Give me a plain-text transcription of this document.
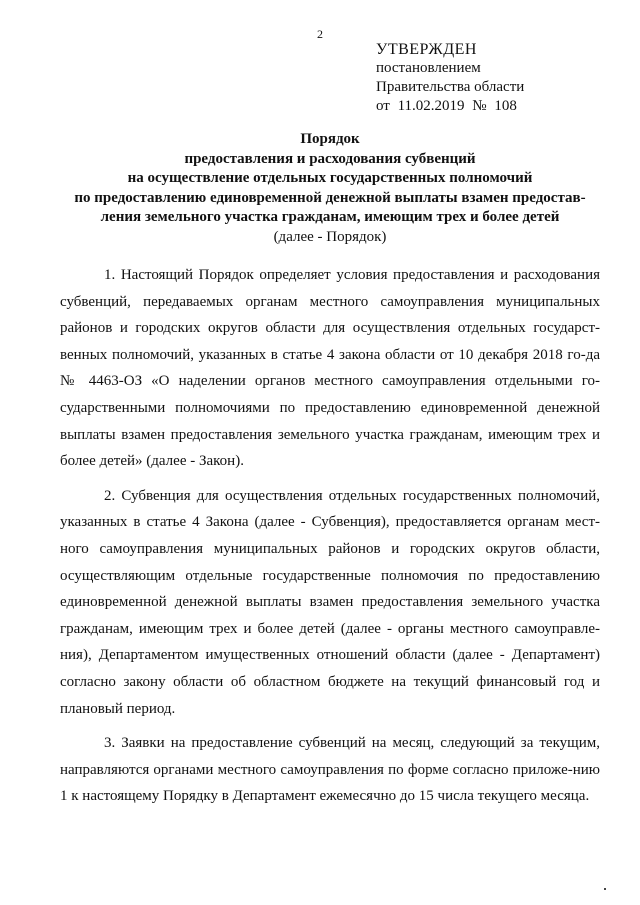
2
УТВЕРЖДЕН
постановлением
Правительства области
от 11.02.2019 № 108
Порядок
предоставления и расходования субвенций
на осуществление отдельных государственных полномочий
по предоставлению единовременной денежной выплаты взамен предостав-
ления земельного участка гражданам, имеющим трех и более детей
(далее - Порядок)

1. Настоящий Порядок определяет условия предоставления и расходования субвенций, передаваемых органам местного самоуправления муниципальных районов и городских округов области для осуществления отдельных государст-венных полномочий, указанных в статье 4 закона области от 10 декабря 2018 го-да № 4463-ОЗ «О наделении органов местного самоуправления отдельными го-сударственными полномочиями по предоставлению единовременной денежной выплаты взамен предоставления земельного участка гражданам, имеющим трех и более детей» (далее - Закон).

2. Субвенция для осуществления отдельных государственных полномочий, указанных в статье 4 Закона (далее - Субвенция), предоставляется органам мест-ного самоуправления муниципальных районов и городских округов области, осуществляющим отдельные государственные полномочия по предоставлению единовременной денежной выплаты взамен предоставления земельного участка гражданам, имеющим трех и более детей (далее - органы местного самоуправле-ния), Департаментом имущественных отношений области (далее - Департамент) согласно закону области об областном бюджете на текущий финансовый год и плановый период.

3. Заявки на предоставление субвенций на месяц, следующий за текущим, направляются органами местного самоуправления по форме согласно приложе-нию 1 к настоящему Порядку в Департамент ежемесячно до 15 числа текущего месяца.
